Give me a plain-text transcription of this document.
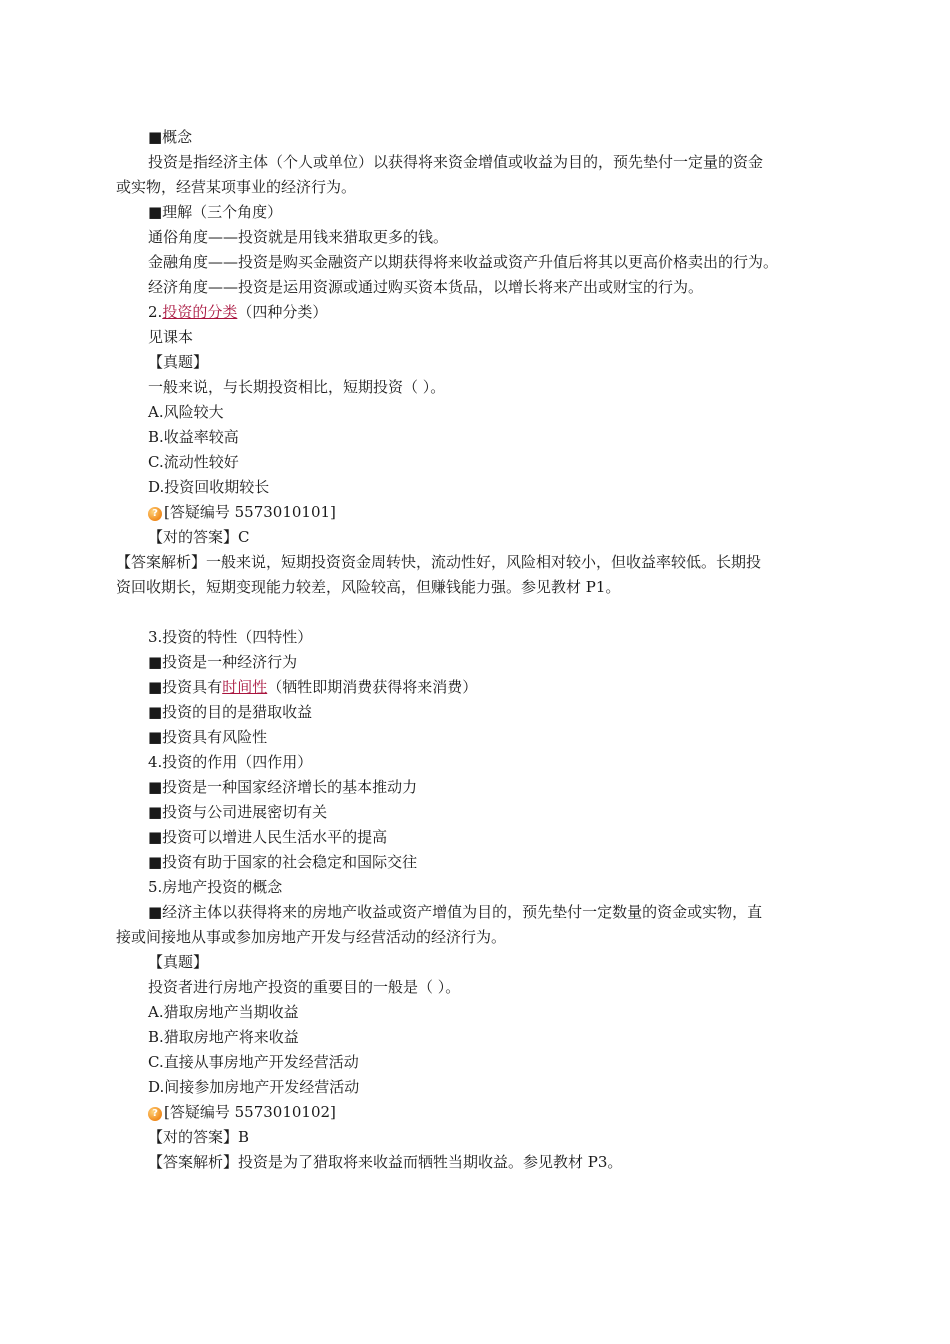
■概念
投资是指经济主体（个人或单位）以获得将来资金增值或收益为目的，预先垫付一定量的资金
或实物，经营某项事业的经济行为。
■理解（三个角度）
通俗角度——投资就是用钱来猎取更多的钱。
金融角度——投资是购买金融资产以期获得将来收益或资产升值后将其以更高价格卖出的行为。
经济角度——投资是运用资源或通过购买资本货品，以增长将来产出或财宝的行为。
2.投资的分类（四种分类）
见课本
【真题】
一般来说，与长期投资相比，短期投资（ ）。
A.风险较大
B.收益率较高
C.流动性较好
D.投资回收期较长
? [答疑编号 5573010101]
【对的答案】C
【答案解析】一般来说，短期投资资金周转快，流动性好，风险相对较小，但收益率较低。长期投
资回收期长，短期变现能力较差，风险较高，但赚钱能力强。参见教材 P1。
3.投资的特性（四特性）
■投资是一种经济行为
■投资具有时间性（牺牲即期消费获得将来消费）
■投资的目的是猎取收益
■投资具有风险性
4.投资的作用（四作用）
■投资是一种国家经济增长的基本推动力
■投资与公司进展密切有关
■投资可以增进人民生活水平的提高
■投资有助于国家的社会稳定和国际交往
5.房地产投资的概念
■经济主体以获得将来的房地产收益或资产增值为目的，预先垫付一定数量的资金或实物，直
接或间接地从事或参加房地产开发与经营活动的经济行为。
【真题】
投资者进行房地产投资的重要目的一般是（ ）。
A.猎取房地产当期收益
B.猎取房地产将来收益
C.直接从事房地产开发经营活动
D.间接参加房地产开发经营活动
? [答疑编号 5573010102]
【对的答案】B
【答案解析】投资是为了猎取将来收益而牺牲当期收益。参见教材 P3。
